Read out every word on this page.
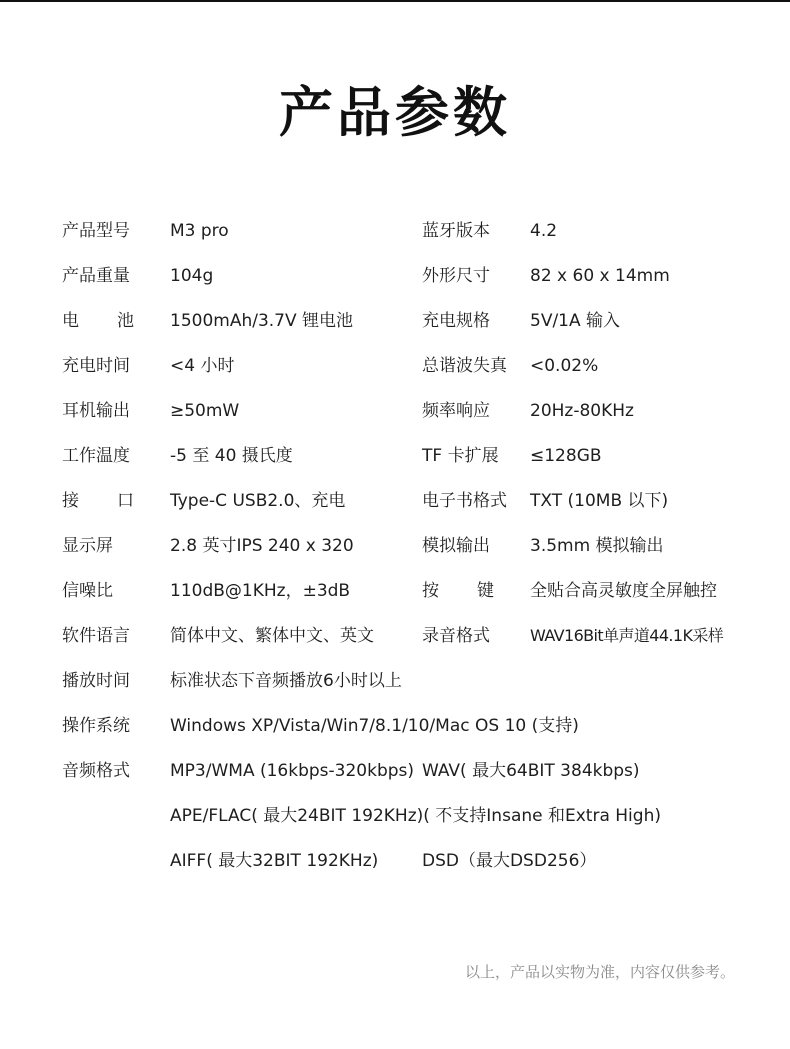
产品参数
产品型号 M3 pro	蓝牙版本 4.2
产品重量 104g	外形尺寸 82 x 60 x 14mm
电池 1500mAh/3.7V 锂电池	充电规格 5V/1A 输入
充电时间 <4 小时	总谐波失真 <0.02%
耳机输出 ≥50mW	频率响应 20Hz-80KHz
工作温度 -5 至 40 摄氏度	TF 卡扩展 ≤128GB
接口 Type-C USB2.0、充电	电子书格式 TXT (10MB 以下)
显示屏	2.8 英寸IPS 240 x 320	模拟输出 3.5mm 模拟输出
信噪比	110dB@1KHz，±3dB	按键 全贴合高灵敏度全屏触控
软件语言 简体中文、繁体中文、英文	录音格式	WAV16Bit单声道44.1K采样
播放时间 标准状态下音频播放6小时以上
操作系统 Windows XP/Vista/Win7/8.1/10/Mac OS 10 (支持)
音频格式 MP3/WMA (16kbps-320kbps) WAV( 最大64BIT 384kbps)
APE/FLAC( 最大24BIT 192KHz)( 不支持Insane 和Extra High)
AIFF( 最大32BIT 192KHz)	DSD（最大DSD256）
以上，产品以实物为准，内容仅供参考。
